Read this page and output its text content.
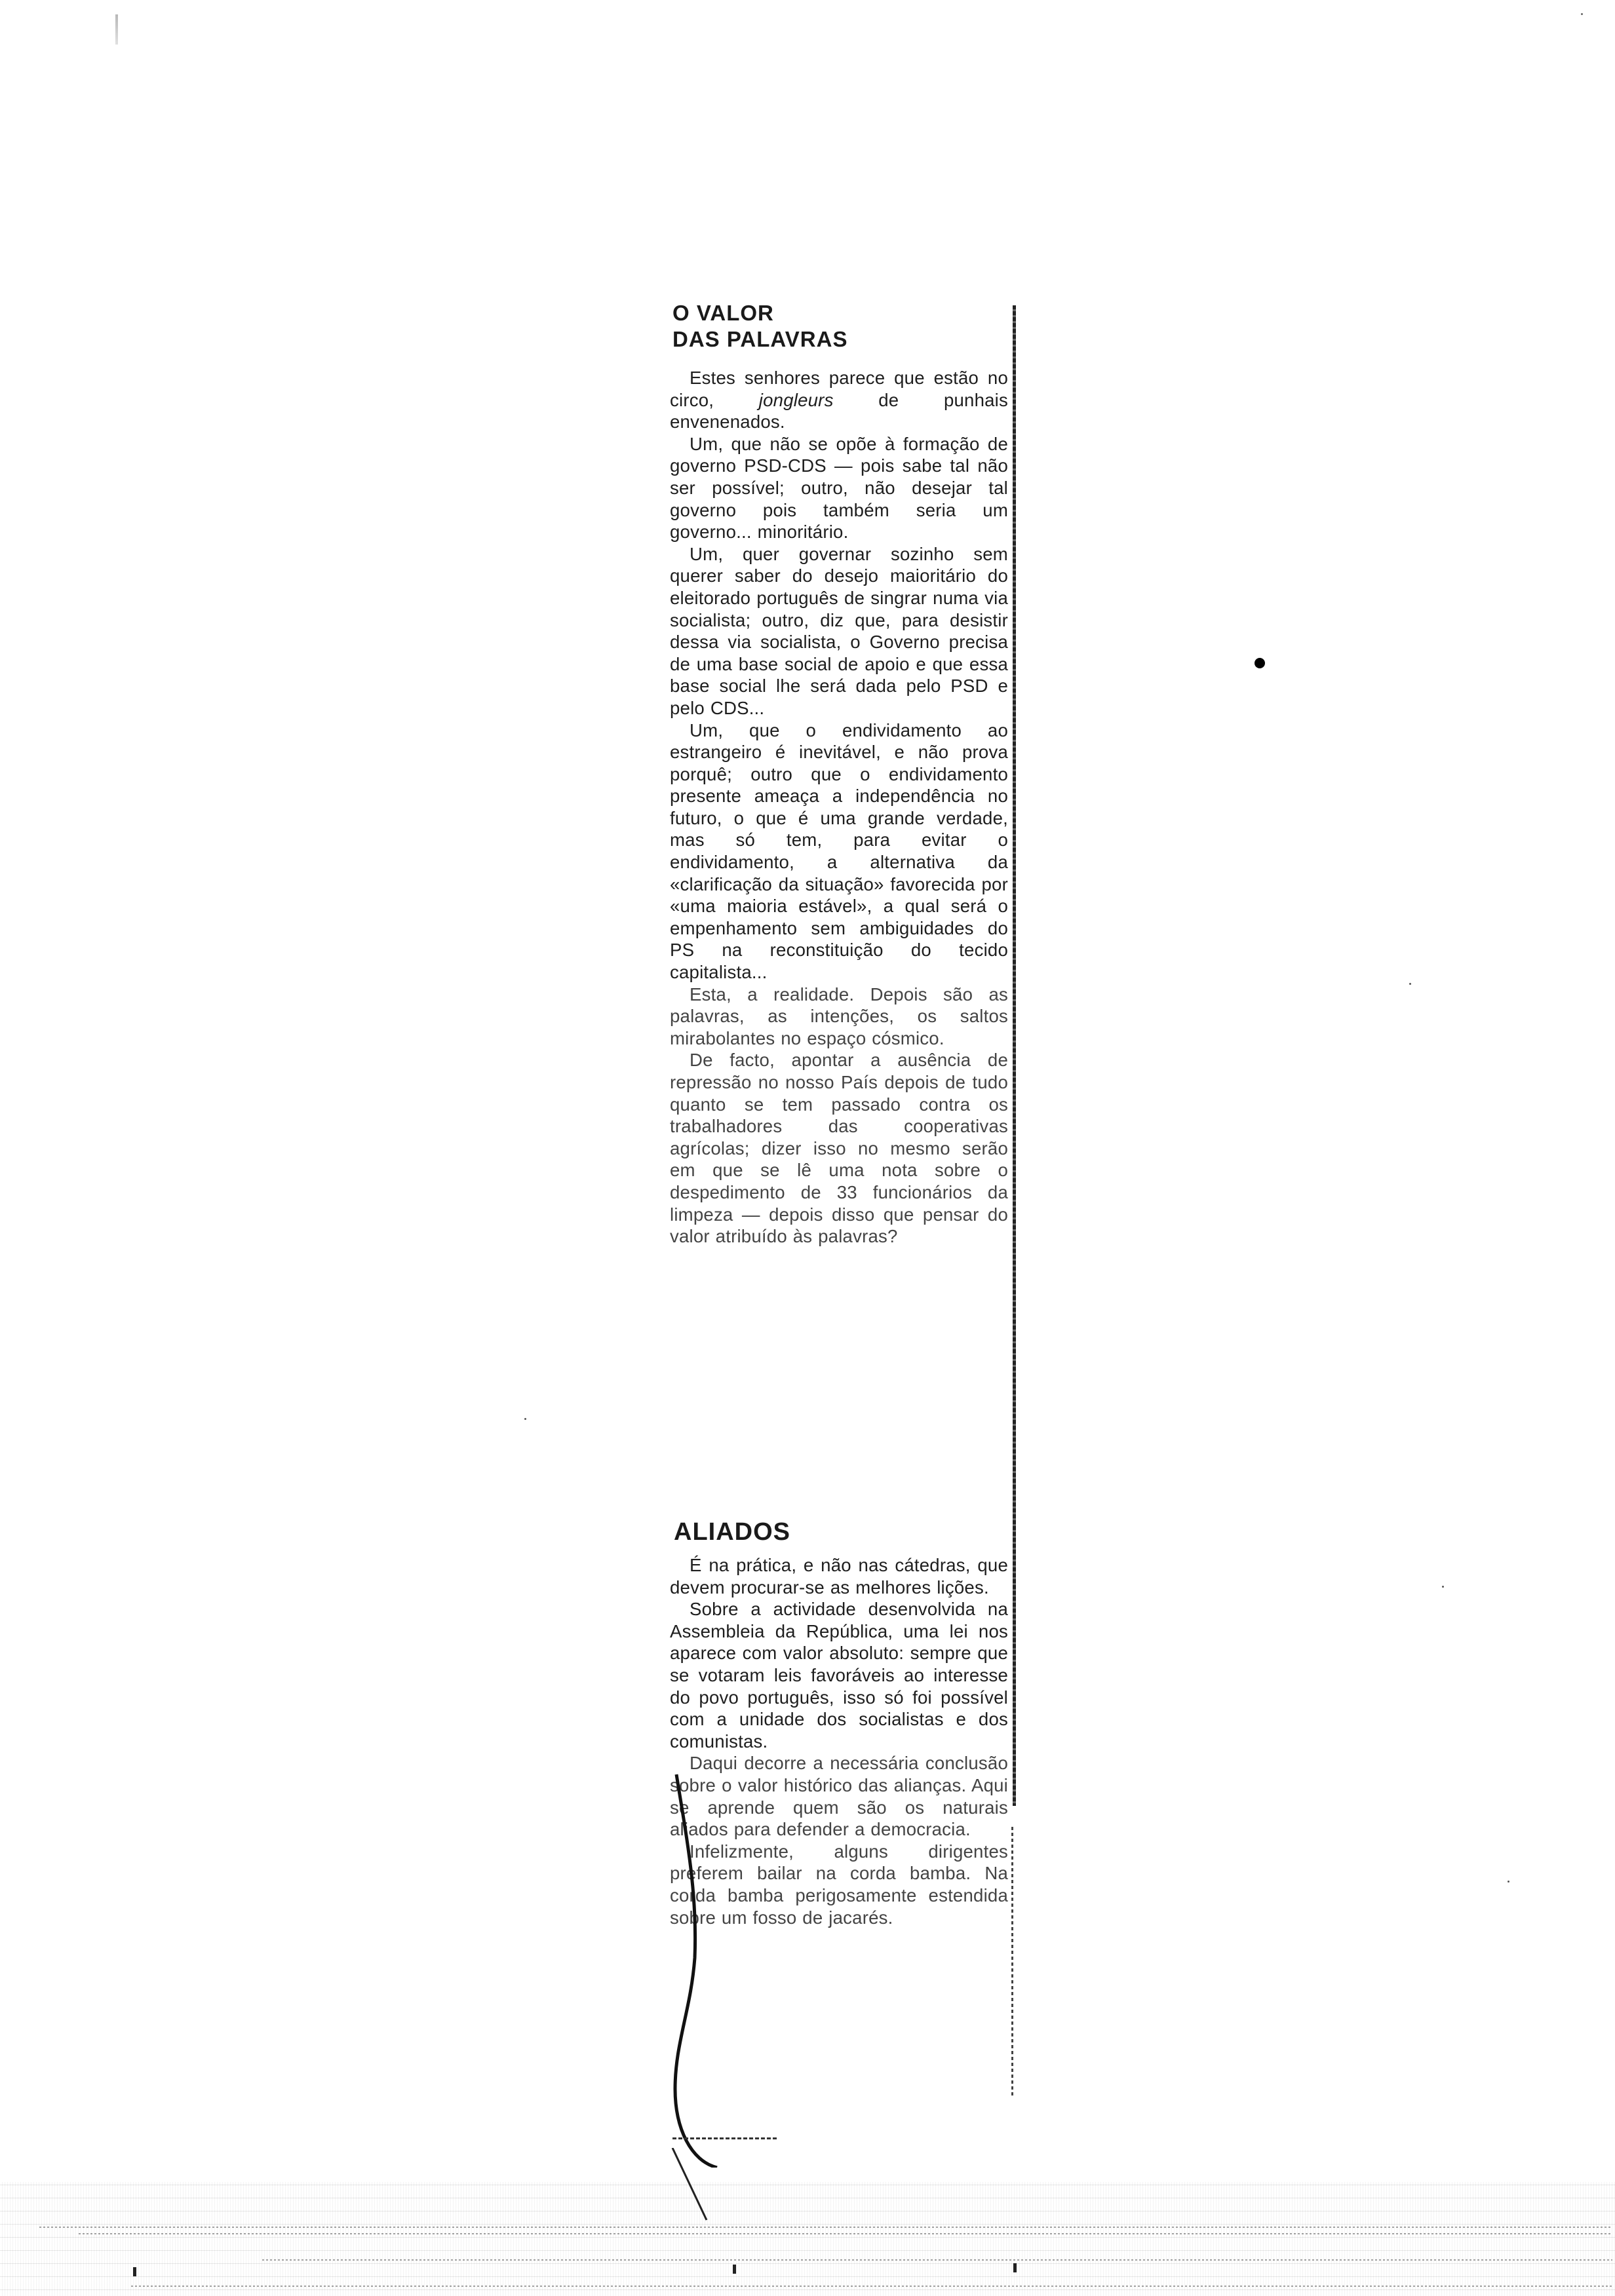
O VALOR
DAS PALAVRAS

Estes senhores parece que estão no circo, jongleurs de punhais envenenados.

Um, que não se opõe à formação de governo PSD-CDS — pois sabe tal não ser possível; outro, não desejar tal governo pois também seria um governo... minoritário.

Um, quer governar sozinho sem querer saber do desejo maioritário do eleitorado português de singrar numa via socialista; outro, diz que, para desistir dessa via socialista, o Governo precisa de uma base social de apoio e que essa base social lhe será dada pelo PSD e pelo CDS...

Um, que o endividamento ao estrangeiro é inevitável, e não prova porquê; outro que o endividamento presente ameaça a independência no futuro, o que é uma grande verdade, mas só tem, para evitar o endividamento, a alternativa da «clarificação da situação» favorecida por «uma maioria estável», a qual será o empenhamento sem ambiguidades do PS na reconstituição do tecido capitalista...

Esta, a realidade. Depois são as palavras, as intenções, os saltos mirabolantes no espaço cósmico.

De facto, apontar a ausência de repressão no nosso País depois de tudo quanto se tem passado contra os trabalhadores das cooperativas agrícolas; dizer isso no mesmo serão em que se lê uma nota sobre o despedimento de 33 funcionários da limpeza — depois disso que pensar do valor atribuído às palavras?

ALIADOS

É na prática, e não nas cátedras, que devem procurar-se as melhores lições.

Sobre a actividade desenvolvida na Assembleia da República, uma lei nos aparece com valor absoluto: sempre que se votaram leis favoráveis ao interesse do povo português, isso só foi possível com a unidade dos socialistas e dos comunistas.

Daqui decorre a necessária conclusão sobre o valor histórico das alianças. Aqui se aprende quem são os naturais aliados para defender a democracia.

Infelizmente, alguns dirigentes preferem bailar na corda bamba. Na corda bamba perigosamente estendida sobre um fosso de jacarés.
